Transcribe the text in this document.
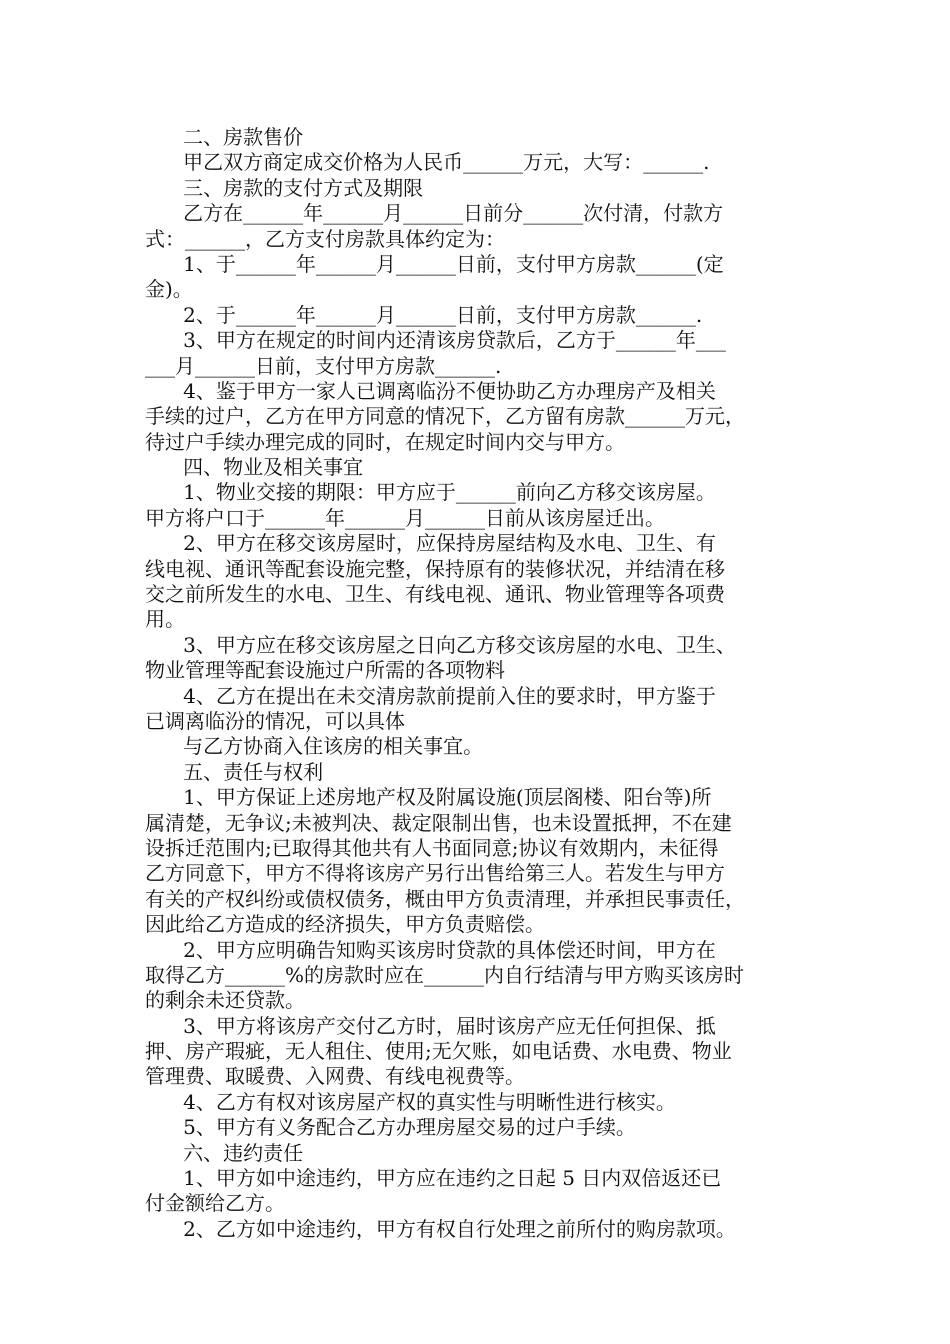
二、房款售价
甲乙双方商定成交价格为人民币______万元，大写：______.
三、房款的支付方式及期限
乙方在______年______月______日前分______次付清，付款方
式：______，乙方支付房款具体约定为：
1、于______年______月______日前，支付甲方房款______(定
金)。
2、于______年______月______日前，支付甲方房款______.
3、甲方在规定的时间内还清该房贷款后，乙方于______年___
___月______日前，支付甲方房款______.
4、鉴于甲方一家人已调离临汾不便协助乙方办理房产及相关
手续的过户，乙方在甲方同意的情况下，乙方留有房款______万元，
待过户手续办理完成的同时，在规定时间内交与甲方。
四、物业及相关事宜
1、物业交接的期限：甲方应于______前向乙方移交该房屋。
甲方将户口于______年______月______日前从该房屋迁出。
2、甲方在移交该房屋时，应保持房屋结构及水电、卫生、有
线电视、通讯等配套设施完整，保持原有的装修状况，并结清在移
交之前所发生的水电、卫生、有线电视、通讯、物业管理等各项费
用。
3、甲方应在移交该房屋之日向乙方移交该房屋的水电、卫生、
物业管理等配套设施过户所需的各项物料
4、乙方在提出在未交清房款前提前入住的要求时，甲方鉴于
已调离临汾的情况，可以具体
与乙方协商入住该房的相关事宜。
五、责任与权利
1、甲方保证上述房地产权及附属设施(顶层阁楼、阳台等)所
属清楚，无争议;未被判决、裁定限制出售，也未设置抵押，不在建
设拆迁范围内;已取得其他共有人书面同意;协议有效期内，未征得
乙方同意下，甲方不得将该房产另行出售给第三人。若发生与甲方
有关的产权纠纷或债权债务，概由甲方负责清理，并承担民事责任，
因此给乙方造成的经济损失，甲方负责赔偿。
2、甲方应明确告知购买该房时贷款的具体偿还时间，甲方在
取得乙方______%的房款时应在______内自行结清与甲方购买该房时
的剩余未还贷款。
3、甲方将该房产交付乙方时，届时该房产应无任何担保、抵
押、房产瑕疵，无人租住、使用;无欠账，如电话费、水电费、物业
管理费、取暖费、入网费、有线电视费等。
4、乙方有权对该房屋产权的真实性与明晰性进行核实。
5、甲方有义务配合乙方办理房屋交易的过户手续。
六、违约责任
1、甲方如中途违约，甲方应在违约之日起 5 日内双倍返还已
付金额给乙方。
2、乙方如中途违约，甲方有权自行处理之前所付的购房款项。
